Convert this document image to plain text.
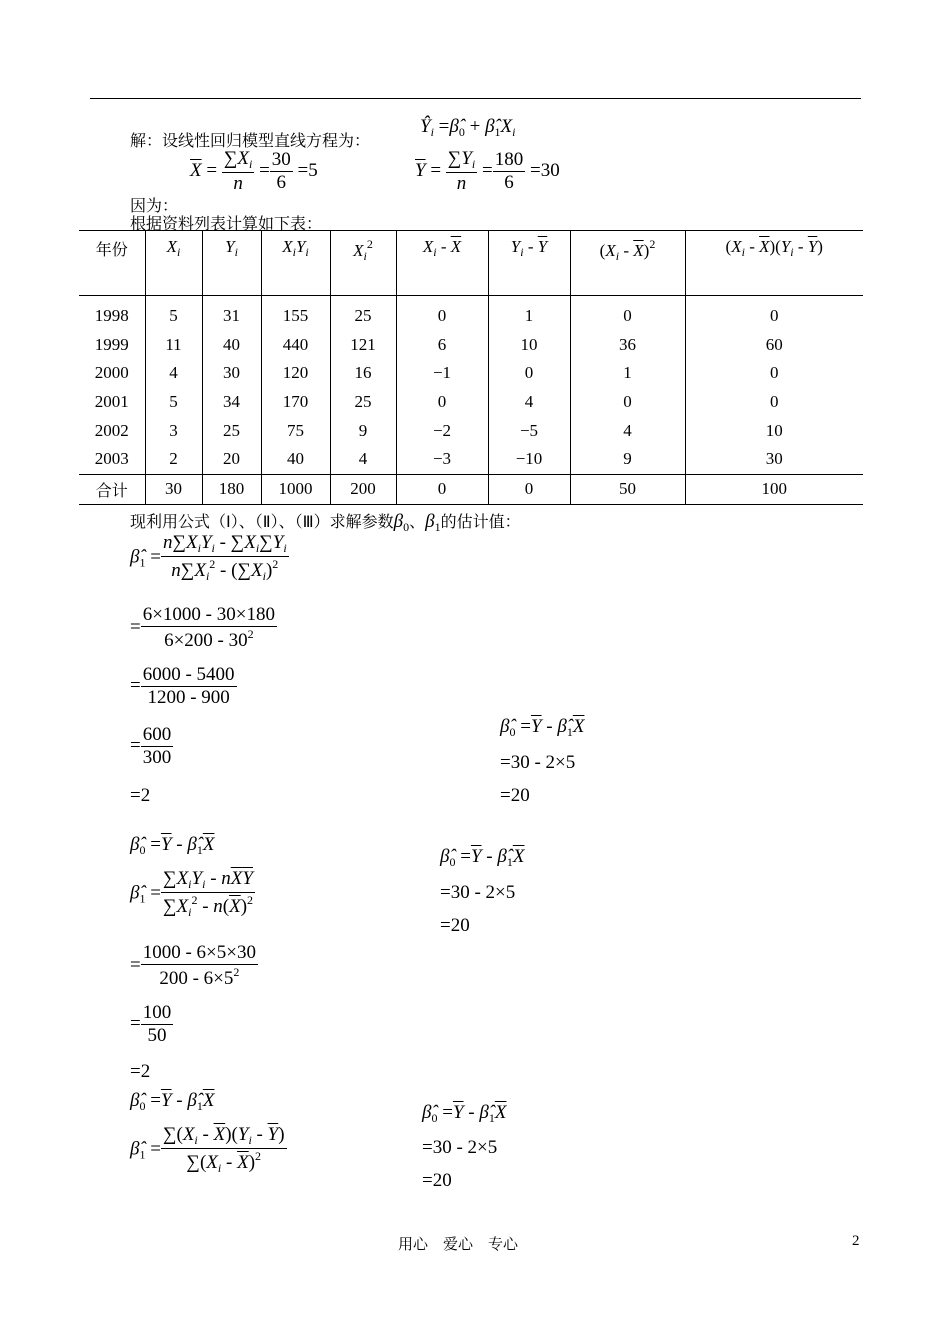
解：设线性回归模型直线方程为：
$Ŷ_i$ $=\betâ_0$ + $\betâ_1X_i$
$\overline{X} = \frac{\sum X_i}{n} = \frac{30}{6} =5$	$\overline{Y} = \frac{\sum Y_i}{n} = \frac{180}{6} =30$
因为：
根据资料列表计算如下表：
年份	$X_i$	$Y_i$	$X_iY_i$	$X_i^2$	$X_i - \overline{X}$	$Y_i - \overline{Y}$	$(X_i - \overline{X})^2$	$(X_i - \overline{X})(Y_i - \overline{Y})$
1998	5	31	155	25	0	1	0	0
1999	11	40	440	121	6	10	36	60
2000	4	30	120	16	−1	0	1	0
2001	5	34	170	25	0	4	0	0
2002	3	25	75	9	−2	−5	4	10
2003	2	20	40	4	−3	−10	9	30
合计	30	180	1000	200	0	0	50	100
现利用公式（Ⅰ）、（Ⅱ）、（Ⅲ）求解参数$\beta_0$、$\beta_1$的估计值：
$\betâ_1 = \frac{n\sum X_iY_i - \sum X_i\sum Y_i}{n\sum X_i^2 - (\sum X_i)^2}$
= $\frac{6\times 1000 - 30\times 180}{6\times 200 - 30^2}$
= $\frac{6000 - 5400}{1200 - 900}$
= $\frac{600}{300}$
=2
$\betâ_0 =\overline{Y}$ - $\betâ_1\overline{X}$
=30 - 2×5
=20
$\betâ_0 =\overline{Y}$ - $\betâ_1\overline{X}$
$\betâ_1 = \frac{\sum X_iY_i - n\overline{X}\overline{Y}}{\sum X_i^2 - n(\overline{X})^2}$
= $\frac{1000 - 6\times 5\times 30}{200 - 6\times 5^2}$
= $\frac{100}{50}$
=2
$\betâ_0 =\overline{Y}$ - $\betâ_1\overline{X}$
=30 - 2×5
=20
$\betâ_0 =\overline{Y}$ - $\betâ_1\overline{X}$
$\betâ_1 = \frac{\sum(X_i - \overline{X})(Y_i - \overline{Y})}{\sum(X_i - \overline{X})^2}$
$\betâ_0 =\overline{Y}$ - $\betâ_1\overline{X}$
=30 - 2×5
=20
用心　爱心　专心	2
